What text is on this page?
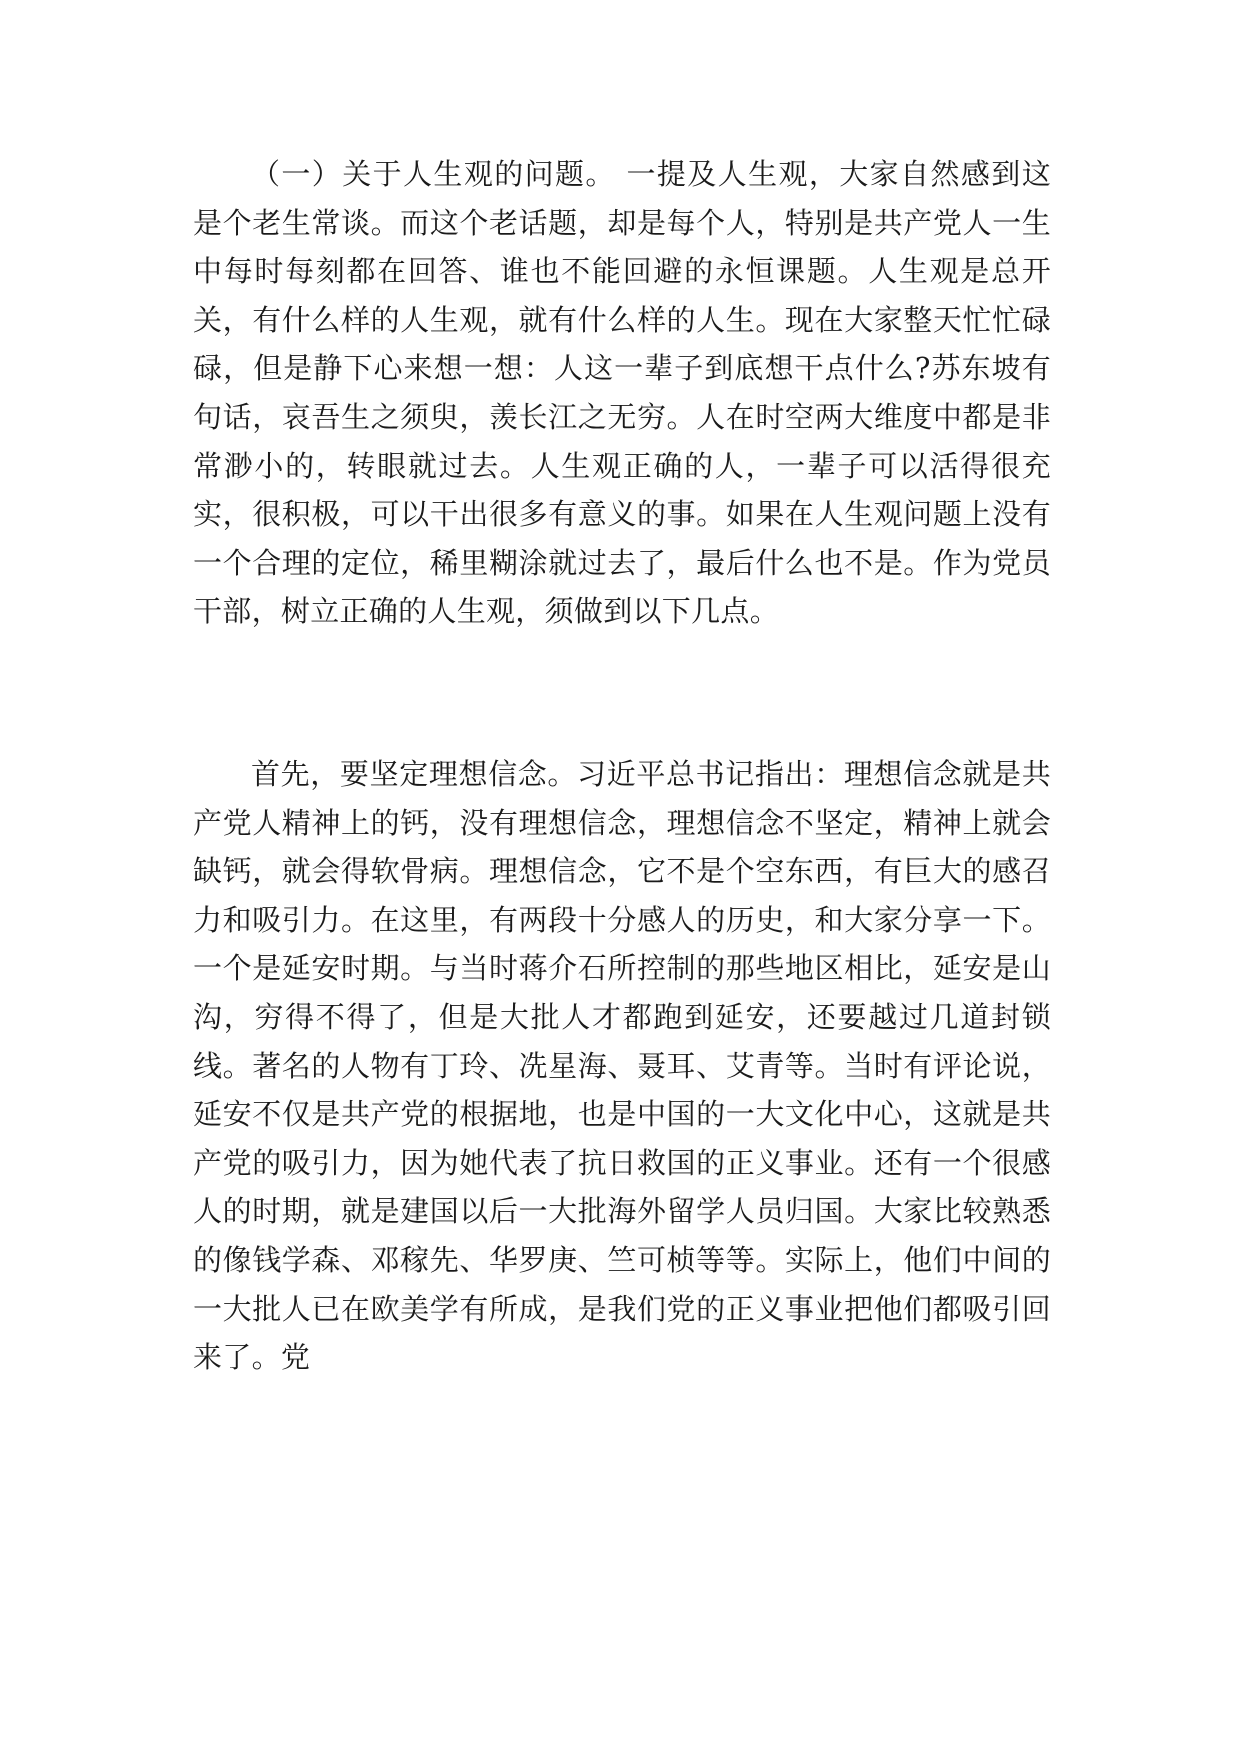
（一）关于人生观的问题。 一提及人生观，大家自然感到这是个老生常谈。而这个老话题，却是每个人，特别是共产党人一生中每时每刻都在回答、谁也不能回避的永恒课题。人生观是总开关，有什么样的人生观，就有什么样的人生。现在大家整天忙忙碌碌，但是静下心来想一想：人这一辈子到底想干点什么?苏东坡有句话，哀吾生之须臾，羡长江之无穷。人在时空两大维度中都是非常渺小的，转眼就过去。人生观正确的人，一辈子可以活得很充实，很积极，可以干出很多有意义的事。如果在人生观问题上没有一个合理的定位，稀里糊涂就过去了，最后什么也不是。作为党员干部，树立正确的人生观，须做到以下几点。

首先，要坚定理想信念。习近平总书记指出：理想信念就是共产党人精神上的钙，没有理想信念，理想信念不坚定，精神上就会缺钙，就会得软骨病。理想信念，它不是个空东西，有巨大的感召力和吸引力。在这里，有两段十分感人的历史，和大家分享一下。 一个是延安时期。与当时蒋介石所控制的那些地区相比，延安是山沟，穷得不得了，但是大批人才都跑到延安，还要越过几道封锁线。著名的人物有丁玲、冼星海、聂耳、艾青等。当时有评论说，延安不仅是共产党的根据地，也是中国的一大文化中心，这就是共产党的吸引力，因为她代表了抗日救国的正义事业。还有一个很感人的时期，就是建国以后一大批海外留学人员归国。大家比较熟悉的像钱学森、邓稼先、华罗庚、竺可桢等等。实际上，他们中间的一大批人已在欧美学有所成，是我们党的正义事业把他们都吸引回来了。党
